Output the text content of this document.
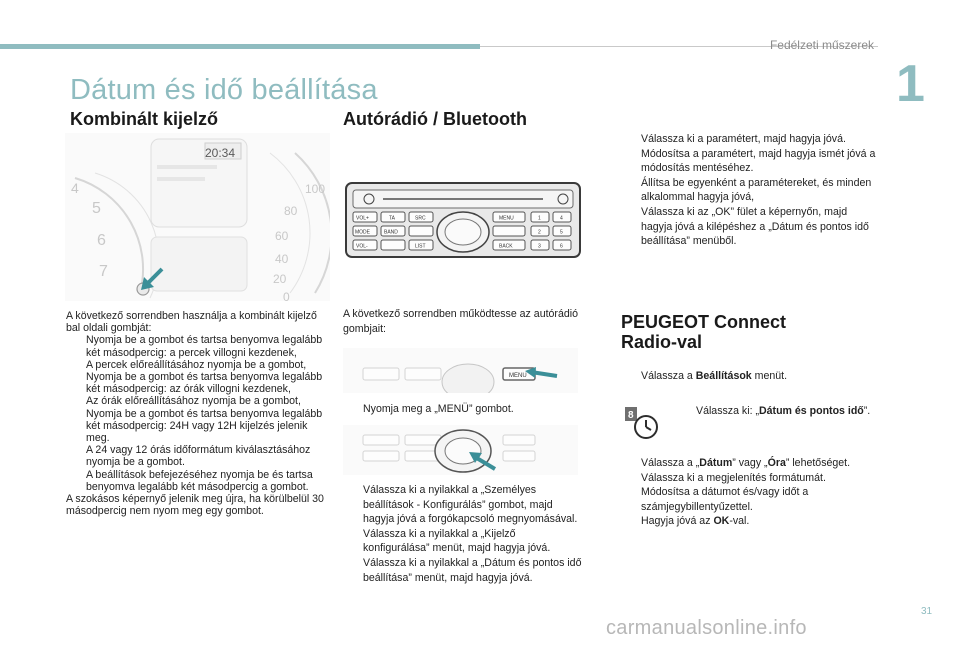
Fedélzeti műszerek
1
Dátum és idő beállítása
Kombinált kijelző
4
5
6
7
20:34
100
80
60
40
20
0
A következő sorrendben használja a kombinált kijelző bal oldali gombját:
Nyomja be a gombot és tartsa benyomva legalább két másodpercig: a percek villogni kezdenek,
A percek előreállításához nyomja be a gombot,
Nyomja be a gombot és tartsa benyomva legalább két másodpercig: az órák villogni kezdenek,
Az órák előreállításához nyomja be a gombot,
Nyomja be a gombot és tartsa benyomva legalább két másodpercig: 24H vagy 12H kijelzés jelenik meg.
A 24 vagy 12 órás időformátum kiválasztásához nyomja be a gombot.
A beállítások befejezéséhez nyomja be és tartsa benyomva legalább két másodpercig a gombot.
A szokásos képernyő jelenik meg újra, ha körülbelül 30 másodpercig nem nyom meg egy gombot.
Autórádió / Bluetooth
VOL+	TA	SRC
MODE	BAND
VOL-	LIST
MENU
BACK
1	4
2	5
3	6
A következő sorrendben működtesse az autórádió gombjait:
MENU
Nyomja meg a „MENÜ” gombot.
Válassza ki a nyilakkal a „Személyes beállítások - Konfigurálás” gombot, majd hagyja jóvá a forgókapcsoló megnyomásával.
Válassza ki a nyilakkal a „Kijelző konfigurálása” menüt, majd hagyja jóvá.
Válassza ki a nyilakkal a „Dátum és pontos idő beállítása” menüt, majd hagyja jóvá.
Válassza ki a paramétert, majd hagyja jóvá.
Módosítsa a paramétert, majd hagyja ismét jóvá a módosítás mentéséhez.
Állítsa be egyenként a paramétereket, és minden alkalommal hagyja jóvá,
Válassza ki az „OK” fület a képernyőn, majd hagyja jóvá a kilépéshez a „Dátum és pontos idő beállítása” menüből.
PEUGEOT Connect
Radio-val
Válassza a Beállítások menüt.
8	Válassza ki: „Dátum és pontos idő”.
Válassza a „Dátum” vagy „Óra” lehetőséget.
Válassza ki a megjelenítés formátumát.
Módosítsa a dátumot és/vagy időt a számjegybillentyűzettel.
Hagyja jóvá az OK-val.
31
carmanualsonline.info
